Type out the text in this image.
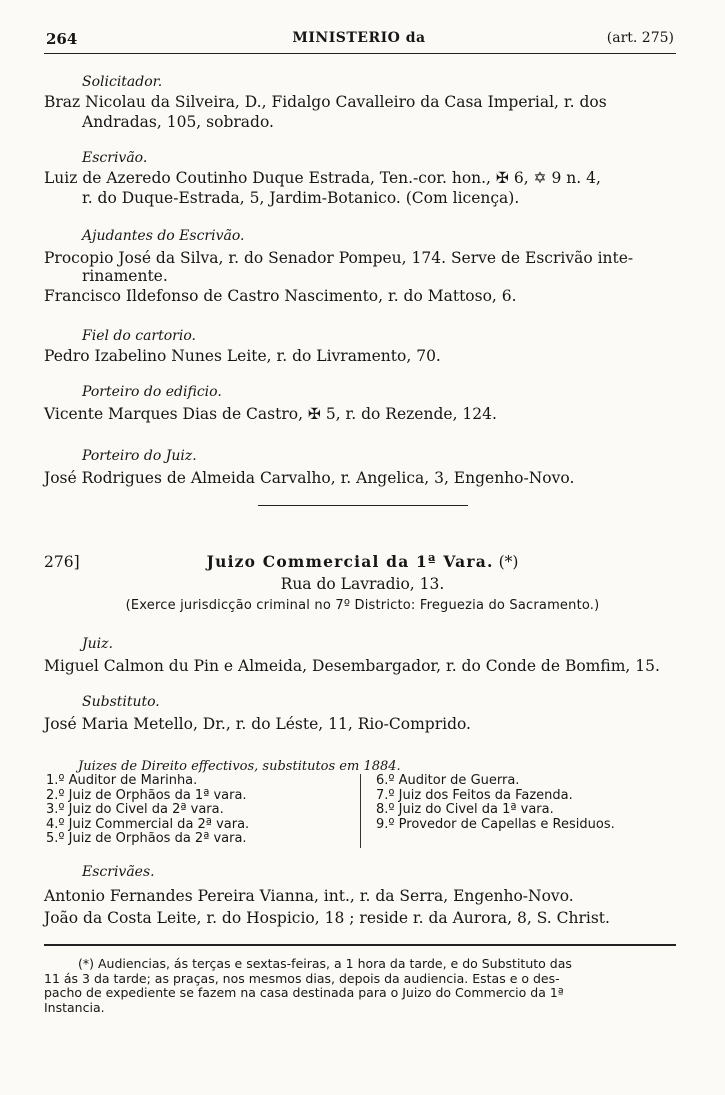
264	MINISTERIO da	(art. 275)
Solicitador.
Braz Nicolau da Silveira, D., Fidalgo Cavalleiro da Casa Imperial, r. dos
Andradas, 105, sobrado.
Escrivão.
Luiz de Azeredo Coutinho Duque Estrada, Ten.-cor. hon., ✠ 6, ✡ 9 n. 4,
r. do Duque-Estrada, 5, Jardim-Botanico. (Com licença).
Ajudantes do Escrivão.
Procopio José da Silva, r. do Senador Pompeu, 174. Serve de Escrivão inte-
rinamente.
Francisco Ildefonso de Castro Nascimento, r. do Mattoso, 6.
Fiel do cartorio.
Pedro Izabelino Nunes Leite, r. do Livramento, 70.
Porteiro do edificio.
Vicente Marques Dias de Castro, ✠ 5, r. do Rezende, 124.
Porteiro do Juiz.
José Rodrigues de Almeida Carvalho, r. Angelica, 3, Engenho-Novo.
276]	Juizo Commercial da 1ª Vara. (*)
Rua do Lavradio, 13.
(Exerce jurisdicção criminal no 7º Districto: Freguezia do Sacramento.)
Juiz.
Miguel Calmon du Pin e Almeida, Desembargador, r. do Conde de Bomfim, 15.
Substituto.
José Maria Metello, Dr., r. do Léste, 11, Rio-Comprido.
Juizes de Direito effectivos, substitutos em 1884.
1.º Auditor de Marinha.
2.º Juiz de Orphãos da 1ª vara.
3.º Juiz do Civel da 2ª vara.
4.º Juiz Commercial da 2ª vara.
5.º Juiz de Orphãos da 2ª vara.
6.º Auditor de Guerra.
7.º Juiz dos Feitos da Fazenda.
8.º Juiz do Civel da 1ª vara.
9.º Provedor de Capellas e Residuos.
Escrivães.
Antonio Fernandes Pereira Vianna, int., r. da Serra, Engenho-Novo.
João da Costa Leite, r. do Hospicio, 18 ; reside r. da Aurora, 8, S. Christ.
(*) Audiencias, ás terças e sextas-feiras, a 1 hora da tarde, e do Substituto das
11 ás 3 da tarde; as praças, nos mesmos dias, depois da audiencia. Estas e o des-
pacho de expediente se fazem na casa destinada para o Juizo do Commercio da 1ª
Instancia.
